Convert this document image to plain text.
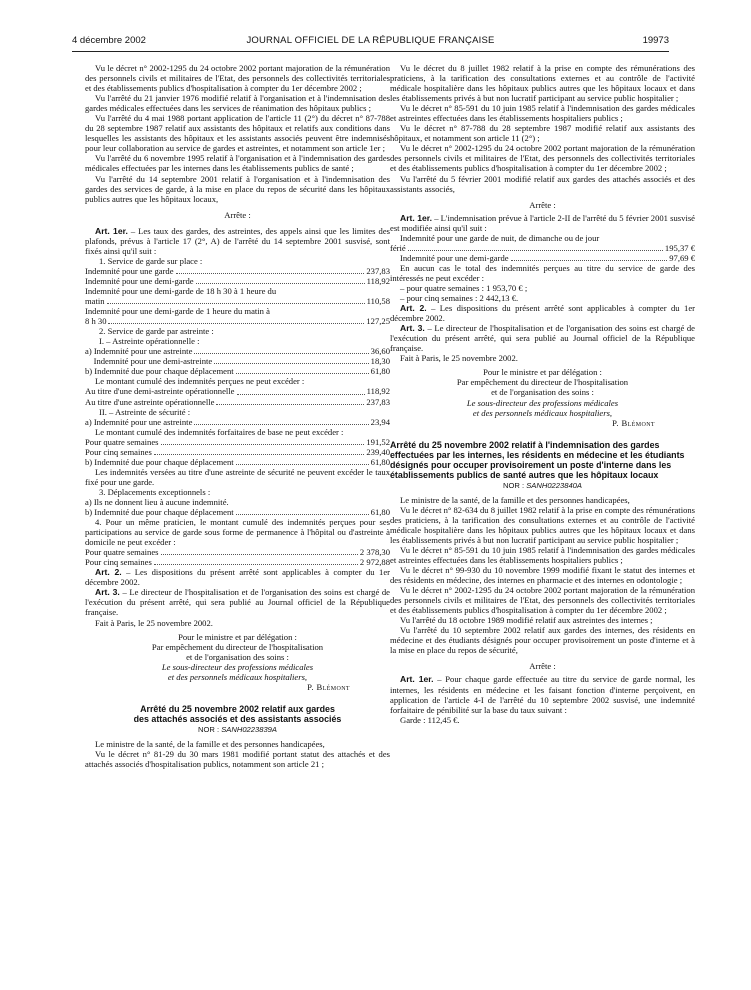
4 décembre 2002	JOURNAL OFFICIEL DE LA RÉPUBLIQUE FRANÇAISE	19973

Vu le décret n° 2002-1295 du 24 octobre 2002 portant majoration de la rémunération des personnels civils et militaires de l'Etat, des personnels des collectivités territoriales et des établissements publics d'hospitalisation à compter du 1er décembre 2002 ;

Vu l'arrêté du 21 janvier 1976 modifié relatif à l'organisation et à l'indemnisation des gardes médicales effectuées dans les services de réanimation des hôpitaux publics ;

Vu l'arrêté du 4 mai 1988 portant application de l'article 11 (2°) du décret n° 87-788 du 28 septembre 1987 relatif aux assistants des hôpitaux et relatifs aux conditions dans lesquelles les assistants des hôpitaux et les assistants associés peuvent être indemnisés pour leur collaboration au service de gardes et astreintes, et notamment son article 1er ;

Vu l'arrêté du 6 novembre 1995 relatif à l'organisation et à l'indemnisation des gardes médicales effectuées par les internes dans les établissements publics de santé ;

Vu l'arrêté du 14 septembre 2001 relatif à l'organisation et à l'indemnisation des gardes des services de garde, à la mise en place du repos de sécurité dans les hôpitaux publics autres que les hôpitaux locaux,

Arrête :

Art. 1er. – Les taux des gardes, des astreintes, des appels ainsi que les limites des plafonds, prévus à l'article 17 (2°, A) de l'arrêté du 14 septembre 2001 susvisé, sont fixés ainsi qu'il suit :

1. Service de garde sur place :

Indemnité pour une garde	237,83
Indemnité pour une demi-garde	118,92

Indemnité pour une demi-garde de 18 h 30 à 1 heure du

matin	110,58

Indemnité pour une demi-garde de 1 heure du matin à

8 h 30	127,25

2. Service de garde par astreinte :

I. – Astreinte opérationnelle :

a) Indemnité pour une astreinte	36,60
Indemnité pour une demi-astreinte	18,30
b) Indemnité due pour chaque déplacement	61,80

Le montant cumulé des indemnités perçues ne peut excéder :

Au titre d'une demi-astreinte opérationnelle	118,92
Au titre d'une astreinte opérationnelle	237,83

II. – Astreinte de sécurité :

a) Indemnité pour une astreinte	23,94

Le montant cumulé des indemnités forfaitaires de base ne peut excéder :

Pour quatre semaines	191,52
Pour cinq semaines	239,40
b) Indemnité due pour chaque déplacement	61,80

Les indemnités versées au titre d'une astreinte de sécurité ne peuvent excéder le taux fixé pour une garde.

3. Déplacements exceptionnels :

a) Ils ne donnent lieu à aucune indemnité.

b) Indemnité due pour chaque déplacement	61,80

4. Pour un même praticien, le montant cumulé des indemnités perçues pour ses participations au service de garde sous forme de permanence à l'hôpital ou d'astreinte à domicile ne peut excéder :

Pour quatre semaines	2 378,30
Pour cinq semaines	2 972,88

Art. 2. – Les dispositions du présent arrêté sont applicables à compter du 1er décembre 2002.

Art. 3. – Le directeur de l'hospitalisation et de l'organisation des soins est chargé de l'exécution du présent arrêté, qui sera publié au Journal officiel de la République française.

Fait à Paris, le 25 novembre 2002.

Pour le ministre et par délégation :

Par empêchement du directeur de l'hospitalisation

et de l'organisation des soins :

Le sous-directeur des professions médicales

et des personnels médicaux hospitaliers,

P. Blémont

Arrêté du 25 novembre 2002 relatif aux gardes

des attachés associés et des assistants associés

NOR : SANH0223839A

Le ministre de la santé, de la famille et des personnes handicapées,

Vu le décret n° 81-29 du 30 mars 1981 modifié portant statut des attachés et des attachés associés d'hospitalisation publics, notamment son article 21 ;

Vu le décret du 8 juillet 1982 relatif à la prise en compte des rémunérations des praticiens, à la tarification des consultations externes et au contrôle de l'activité médicale hospitalière dans les hôpitaux publics autres que les hôpitaux locaux et dans les établissements privés à but non lucratif participant au service public hospitalier ;

Vu le décret n° 85-591 du 10 juin 1985 relatif à l'indemnisation des gardes médicales et astreintes effectuées dans les établissements hospitaliers publics ;

Vu le décret n° 87-788 du 28 septembre 1987 modifié relatif aux assistants des hôpitaux, et notamment son article 11 (2°) ;

Vu le décret n° 2002-1295 du 24 octobre 2002 portant majoration de la rémunération des personnels civils et militaires de l'Etat, des personnels des collectivités territoriales et des établissements publics d'hospitalisation à compter du 1er décembre 2002 ;

Vu l'arrêté du 5 février 2001 modifié relatif aux gardes des attachés associés et des assistants associés,

Arrête :

Art. 1er. – L'indemnisation prévue à l'article 2-II de l'arrêté du 5 février 2001 susvisé est modifiée ainsi qu'il suit :

Indemnité pour une garde de nuit, de dimanche ou de jour

férié	195,37 €
Indemnité pour une demi-garde	97,69 €

En aucun cas le total des indemnités perçues au titre du service de garde des intéressés ne peut excéder :

– pour quatre semaines : 1 953,70 € ;

– pour cinq semaines : 2 442,13 €.

Art. 2. – Les dispositions du présent arrêté sont applicables à compter du 1er décembre 2002.

Art. 3. – Le directeur de l'hospitalisation et de l'organisation des soins est chargé de l'exécution du présent arrêté, qui sera publié au Journal officiel de la République française.

Fait à Paris, le 25 novembre 2002.

Pour le ministre et par délégation :

Par empêchement du directeur de l'hospitalisation

et de l'organisation des soins :

Le sous-directeur des professions médicales

et des personnels médicaux hospitaliers,

P. Blémont

Arrêté du 25 novembre 2002 relatif à l'indemnisation des gardes effectuées par les internes, les résidents en médecine et les étudiants désignés pour occuper provisoirement un poste d'interne dans les établissements publics de santé autres que les hôpitaux locaux

NOR : SANH0223840A

Le ministre de la santé, de la famille et des personnes handicapées,

Vu le décret n° 82-634 du 8 juillet 1982 relatif à la prise en compte des rémunérations des praticiens, à la tarification des consultations externes et au contrôle de l'activité médicale hospitalière dans les hôpitaux publics autres que les hôpitaux locaux et dans les établissements privés à but non lucratif participant au service public hospitalier ;

Vu le décret n° 85-591 du 10 juin 1985 relatif à l'indemnisation des gardes médicales et astreintes effectuées dans les établissements hospitaliers publics ;

Vu le décret n° 99-930 du 10 novembre 1999 modifié fixant le statut des internes et des résidents en médecine, des internes en pharmacie et des internes en odontologie ;

Vu le décret n° 2002-1295 du 24 octobre 2002 portant majoration de la rémunération des personnels civils et militaires de l'Etat, des personnels des collectivités territoriales et des établissements publics d'hospitalisation à compter du 1er décembre 2002 ;

Vu l'arrêté du 18 octobre 1989 modifié relatif aux astreintes des internes ;

Vu l'arrêté du 10 septembre 2002 relatif aux gardes des internes, des résidents en médecine et des étudiants désignés pour occuper provisoirement un poste d'interne et à la mise en place du repos de sécurité,

Arrête :

Art. 1er. – Pour chaque garde effectuée au titre du service de garde normal, les internes, les résidents en médecine et les faisant fonction d'interne perçoivent, en application de l'article 4-I de l'arrêté du 10 septembre 2002 susvisé, une indemnité forfaitaire de pénibilité sur la base du taux suivant :

Garde : 112,45 €.
